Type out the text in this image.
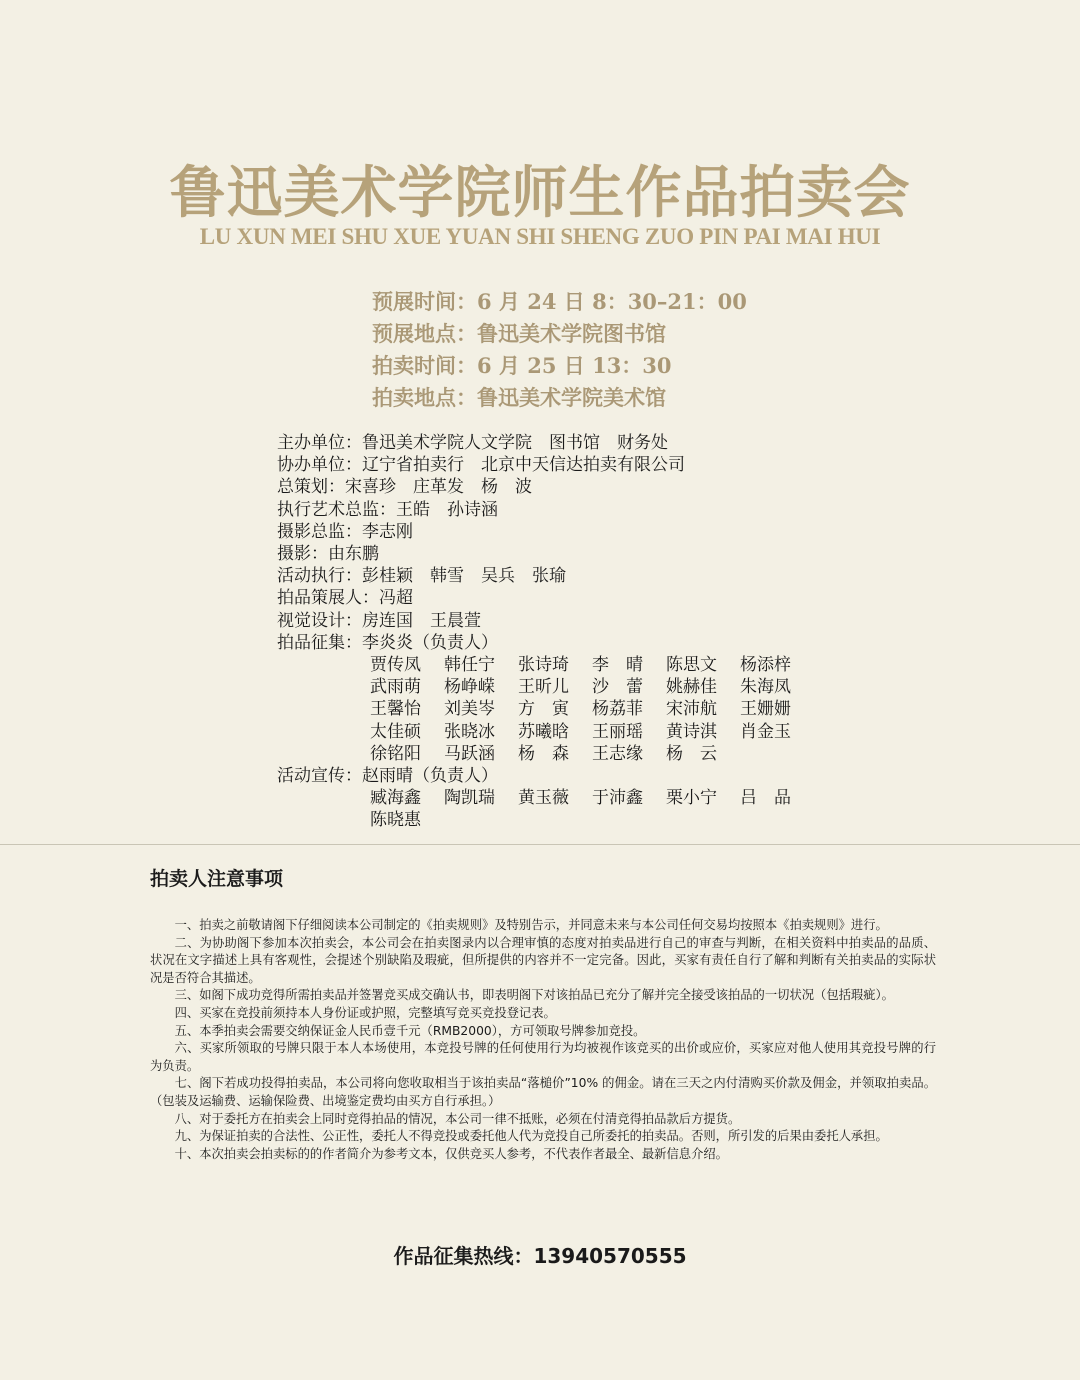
鲁迅美术学院师生作品拍卖会
LU XUN MEI SHU XUE YUAN SHI SHENG ZUO PIN PAI MAI HUI
预展时间：6 月 24 日 8：30–21：00
预展地点：鲁迅美术学院图书馆
拍卖时间：6 月 25 日 13：30
拍卖地点：鲁迅美术学院美术馆
主办单位： 鲁迅美术学院人文学院　图书馆　财务处
协办单位： 辽宁省拍卖行　北京中天信达拍卖有限公司
总策划： 宋喜珍　庄革发　杨　波
执行艺术总监： 王皓　孙诗涵
摄影总监： 李志刚
摄影： 由东鹏
活动执行： 彭桂颖　韩雪　吴兵　张瑜
拍品策展人： 冯超
视觉设计： 房连国　王晨萱
拍品征集： 李炎炎（负责人）
贾传凤	韩任宁	张诗琦	李　晴	陈思文	杨添梓
武雨萌	杨峥嵘	王昕儿	沙　蕾	姚赫佳	朱海凤
王馨怡	刘美岑	方　寅	杨荔菲	宋沛航	王姗姗
太佳硕	张晓冰	苏曦晗	王丽瑶	黄诗淇	肖金玉
徐铭阳	马跃涵	杨　森	王志缘	杨　云
活动宣传： 赵雨晴（负责人）
臧海鑫	陶凯瑞	黄玉薇	于沛鑫	栗小宁	吕　品
陈晓惠
拍卖人注意事项

一、拍卖之前敬请阁下仔细阅读本公司制定的《拍卖规则》及特别告示，并同意未来与本公司任何交易均按照本《拍卖规则》进行。

二、为协助阁下参加本次拍卖会，本公司会在拍卖图录内以合理审慎的态度对拍卖品进行自己的审查与判断，在相关资料中拍卖品的品质、状况在文字描述上具有客观性，会提述个别缺陷及瑕疵，但所提供的内容并不一定完备。因此，买家有责任自行了解和判断有关拍卖品的实际状况是否符合其描述。

三、如阁下成功竞得所需拍卖品并签署竞买成交确认书，即表明阁下对该拍品已充分了解并完全接受该拍品的一切状况（包括瑕疵）。

四、买家在竞投前须持本人身份证或护照，完整填写竞买竞投登记表。

五、本季拍卖会需要交纳保证金人民币壹千元（RMB2000），方可领取号牌参加竞投。

六、买家所领取的号牌只限于本人本场使用，本竞投号牌的任何使用行为均被视作该竞买的出价或应价，买家应对他人使用其竞投号牌的行为负责。

七、阁下若成功投得拍卖品，本公司将向您收取相当于该拍卖品“落槌价”10% 的佣金。请在三天之内付清购买价款及佣金，并领取拍卖品。（包装及运输费、运输保险费、出境鉴定费均由买方自行承担。）

八、对于委托方在拍卖会上同时竞得拍品的情况，本公司一律不抵账，必须在付清竞得拍品款后方提货。

九、为保证拍卖的合法性、公正性，委托人不得竞投或委托他人代为竞投自己所委托的拍卖品。否则，所引发的后果由委托人承担。

十、本次拍卖会拍卖标的的作者简介为参考文本，仅供竞买人参考，不代表作者最全、最新信息介绍。

作品征集热线：13940570555
